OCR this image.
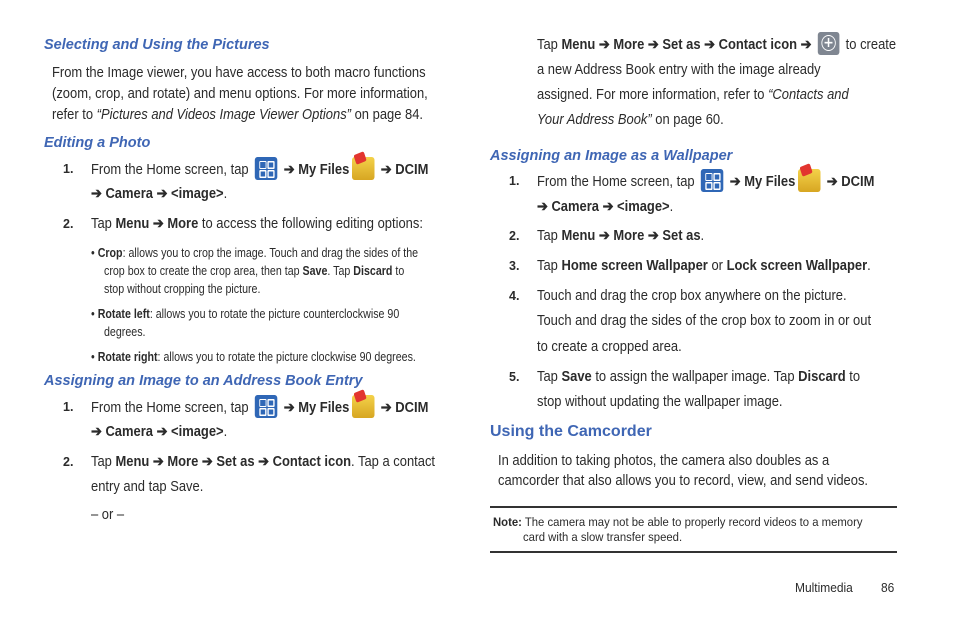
Selecting and Using the Pictures
From the Image viewer, you have access to both macro functions
(zoom, crop, and rotate) and menu options. For more information,
refer to “Pictures and Videos Image Viewer Options” on page 84.
Editing a Photo
1. From the Home screen, tap  ➔ My Files ➔ DCIM
➔ Camera ➔ <image>.
2. Tap Menu ➔ More to access the following editing options:
• Crop: allows you to crop the image. Touch and drag the sides of the
crop box to create the crop area, then tap Save. Tap Discard to
stop without cropping the picture.
• Rotate left: allows you to rotate the picture counterclockwise 90
degrees.
• Rotate right: allows you to rotate the picture clockwise 90 degrees.
Assigning an Image to an Address Book Entry
1. From the Home screen, tap  ➔ My Files ➔ DCIM
➔ Camera ➔ <image>.
2. Tap Menu ➔ More ➔ Set as ➔ Contact icon. Tap a contact
entry and tap Save.
– or –
Tap Menu ➔ More ➔ Set as ➔ Contact icon ➔ + to create
a new Address Book entry with the image already
assigned. For more information, refer to “Contacts and
Your Address Book” on page 60.
Assigning an Image as a Wallpaper
1. From the Home screen, tap  ➔ My Files ➔ DCIM
➔ Camera ➔ <image>.
2. Tap Menu ➔ More ➔ Set as.
3. Tap Home screen Wallpaper or Lock screen Wallpaper.
4. Touch and drag the crop box anywhere on the picture.
Touch and drag the sides of the crop box to zoom in or out
to create a cropped area.
5. Tap Save to assign the wallpaper image. Tap Discard to
stop without updating the wallpaper image.
Using the Camcorder
In addition to taking photos, the camera also doubles as a
camcorder that also allows you to record, view, and send videos.
Note: The camera may not be able to properly record videos to a memory
card with a slow transfer speed.
Multimedia 86
